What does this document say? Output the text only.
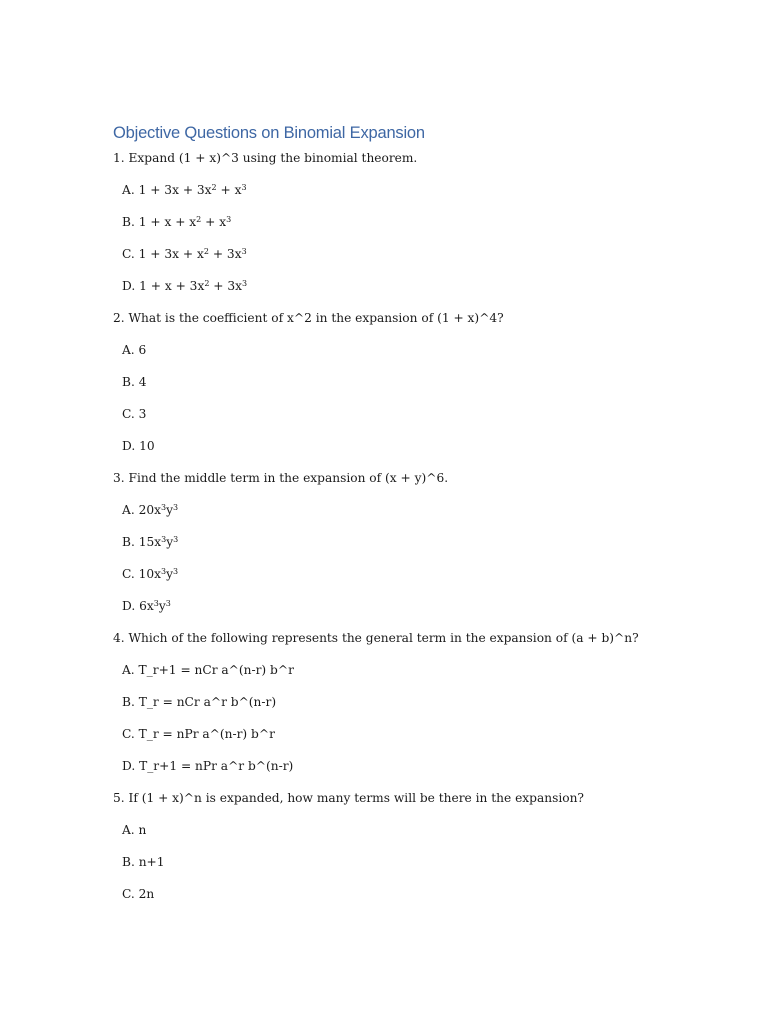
Objective Questions on Binomial Expansion
1. Expand (1 + x)^3 using the binomial theorem.
A. $1 + 3x + 3x^2 + x^3$
B. $1 + x + x^2 + x^3$
C. $1 + 3x + x^2 + 3x^3$
D. $1 + x + 3x^2 + 3x^3$
2. What is the coefficient of x^2 in the expansion of (1 + x)^4?
A. 6
B. 4
C. 3
D. 10
3. Find the middle term in the expansion of (x + y)^6.
A. $20x^3y^3$
B. $15x^3y^3$
C. $10x^3y^3$
D. $6x^3y^3$
4. Which of the following represents the general term in the expansion of (a + b)^n?
A. T_r+1 = nCr a^(n-r) b^r
B. T_r = nCr a^r b^(n-r)
C. T_r = nPr a^(n-r) b^r
D. T_r+1 = nPr a^r b^(n-r)
5. If (1 + x)^n is expanded, how many terms will be there in the expansion?
A. n
B. n+1
C. 2n
